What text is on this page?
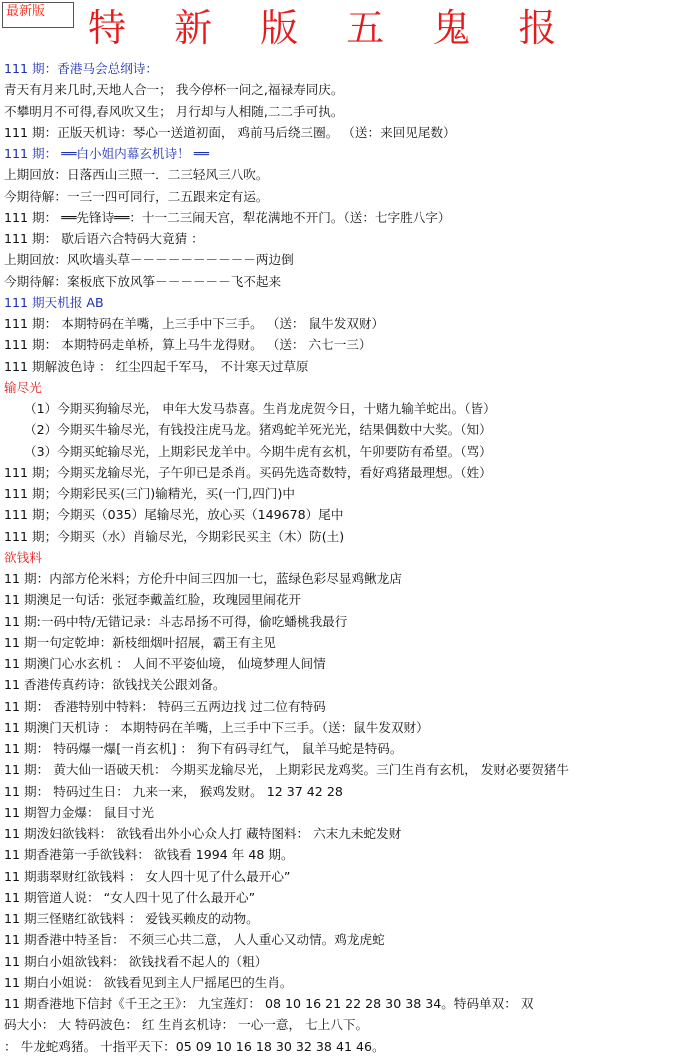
最新版	特 新 版 五 鬼 报
111 期：香港马会总纲诗：
青天有月来几时,天地人合一； 我今停杯一问之,福禄寿同庆。
不攀明月不可得,春风吹又生； 月行却与人相随,二二手可执。
111 期：正版天机诗：琴心一送道初面， 鸡前马后绕三圈。 （送：来回见尾数）
111 期： ══白小姐内幕玄机诗！ ══
上期回放：日落西山三照一．二三轻风三八吹。
今期待解：一三一四可同行，二五跟来定有运。
111 期： ══先锋诗══：十一二三闹天宫，犁花满地不开门。（送：七字胜八字）
111 期： 歇后语六合特码大竟猜 ：
上期回放：风吹墙头草－－－－－－－－－－两边倒
今期待解：案板底下放风筝－－－－－－飞不起来
111 期天机报 AB
111 期： 本期特码在羊嘴，上三手中下三手。 （送： 鼠牛发双财）
111 期： 本期特码走单桥，算上马牛龙得财。 （送： 六七一三）
111 期解波色诗 ： 红尘四起千军马， 不计寒天过草原
输尽光
（1）今期买狗输尽光， 申年大发马恭喜。生肖龙虎贺今日，十赌九输羊蛇出。（皆）
（2）今期买牛输尽光，有钱投注虎马龙。猪鸡蛇羊死光光，结果偶数中大奖。（知）
（3）今期买蛇输尽光，上期彩民龙羊中。今期牛虎有玄机，午卯要防有希望。（骂）
111 期；今期买龙输尽光，子午卯已是杀肖。买码先选奇数特，看好鸡猪最理想。（姓）
111 期；今期彩民买(三门)输精光，买(一门,四门)中
111 期；今期买（035）尾输尽光，放心买（149678）尾中
111 期；今期买（水）肖输尽光，今期彩民买主（木）防(土)
欲钱料
11 期：内部方伦米料；方伦升中间三四加一七，蓝绿色彩尽显鸡鳅龙店
11 期澳足一句话：张冠李戴盖红脸，玫瑰园里闹花开
11 期:一码中特/无错记录：斗志昂扬不可得，偷吃蟠桃我最行
11 期一句定乾坤：新枝细烟叶招展，霸王有主见
11 期澳门心水玄机 ： 人间不平姿仙境， 仙境梦理人间情
11 香港传真药诗：欲钱找关公跟刘备。
11 期： 香港特别中特料： 特码三五两边找 过二位有特码
11 期澳门天机诗 ： 本期特码在羊嘴，上三手中下三手。（送：鼠牛发双财）
11 期： 特码爆一爆[一肖玄机] ： 狗下有码寻红气， 鼠羊马蛇是特码。
11 期： 黄大仙一语破天机： 今期买龙输尽光， 上期彩民龙鸡奖。三门生肖有玄机， 发财必要贺猪牛
11 期： 特码过生日： 九来一来， 猴鸡发财。 12 37 42 28
11 期智力金爆： 鼠目寸光
11 期泼妇欲钱料： 欲钱看出外小心众人打 藏特图料： 六末九未蛇发财
11 期香港第一手欲钱料： 欲钱看 1994 年 48 期。
11 期翡翠财红欲钱料 ： 女人四十见了什么最开心”
11 期管道人说： “女人四十见了什么最开心”
11 期三怪赌红欲钱料 ： 爱钱买赖皮的动物。
11 期香港中特圣旨： 不须三心共二意， 人人重心又动情。鸡龙虎蛇
11 期白小姐欲钱料： 欲钱找看不起人的（粗）
11 期白小姐说： 欲钱看见到主人尸摇尾巴的生肖。
11 期香港地下信封《千王之王》： 九宝莲灯： 08 10 16 21 22 28 30 38 34。特码单双： 双
码大小： 大 特码波色： 红 生肖玄机诗： 一心一意， 七上八下。
： 牛龙蛇鸡猪。 十指平天下：05 09 10 16 18 30 32 38 41 46。
